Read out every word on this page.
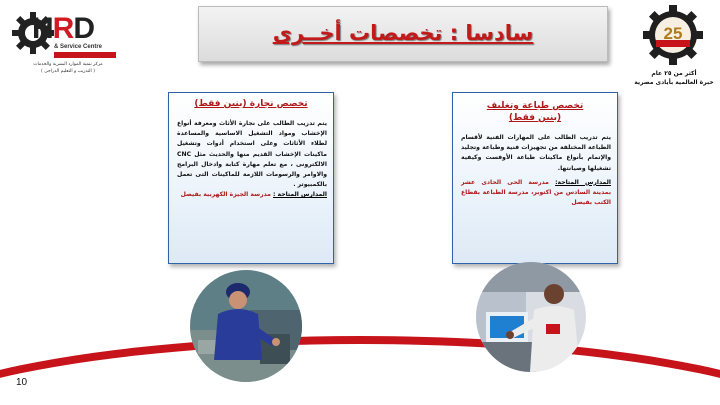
HRD
& Service Centre
مركز تنمية الموارد البشرية والخدمات
( التدريب و التعليم الدراجى )
25
أكثر من ٢٥ عام
خبرة العالمية بأيادى مصرية
سادسا : تخصصات أخــرى
تخصص نجارة (بنين فقط)
يتم تدريب الطالب على نجارة الأثاث ومعرفة أنواع الإخشاب ومواد التشغيل الاساسية والمساعدة لطلاء الأثاثات وعلى استخدام أدوات وتشغيل ماكينات الإخشاب القديم منها والحديث مثل CNC الالكترونى ، مع تعلم مهارة كتابة وادخال البرامج والاوامر والرسومات اللازمة للماكينات التى تعمل بالكمبيوتر .
المدارس المتاحة : مدرسة الجيزة الكهربية بفيصل
تخصص طباعة وتغليف
(بنين فقط)
يتم تدريب الطالب على المهارات الفنية لأقسام الطباعة المختلفة من تجهيزات فنية وطباعة وتجليد والإتمام بأنواع ماكينات طباعة الأوفست وكيفية تشغيلها وصيانتها.
المدارس المتاحة: مدرسة الحى الحادى عشر بمدينة السادس من اكتوبر، مدرسة الطباعة بقطاع الكتب بفيصل
10
